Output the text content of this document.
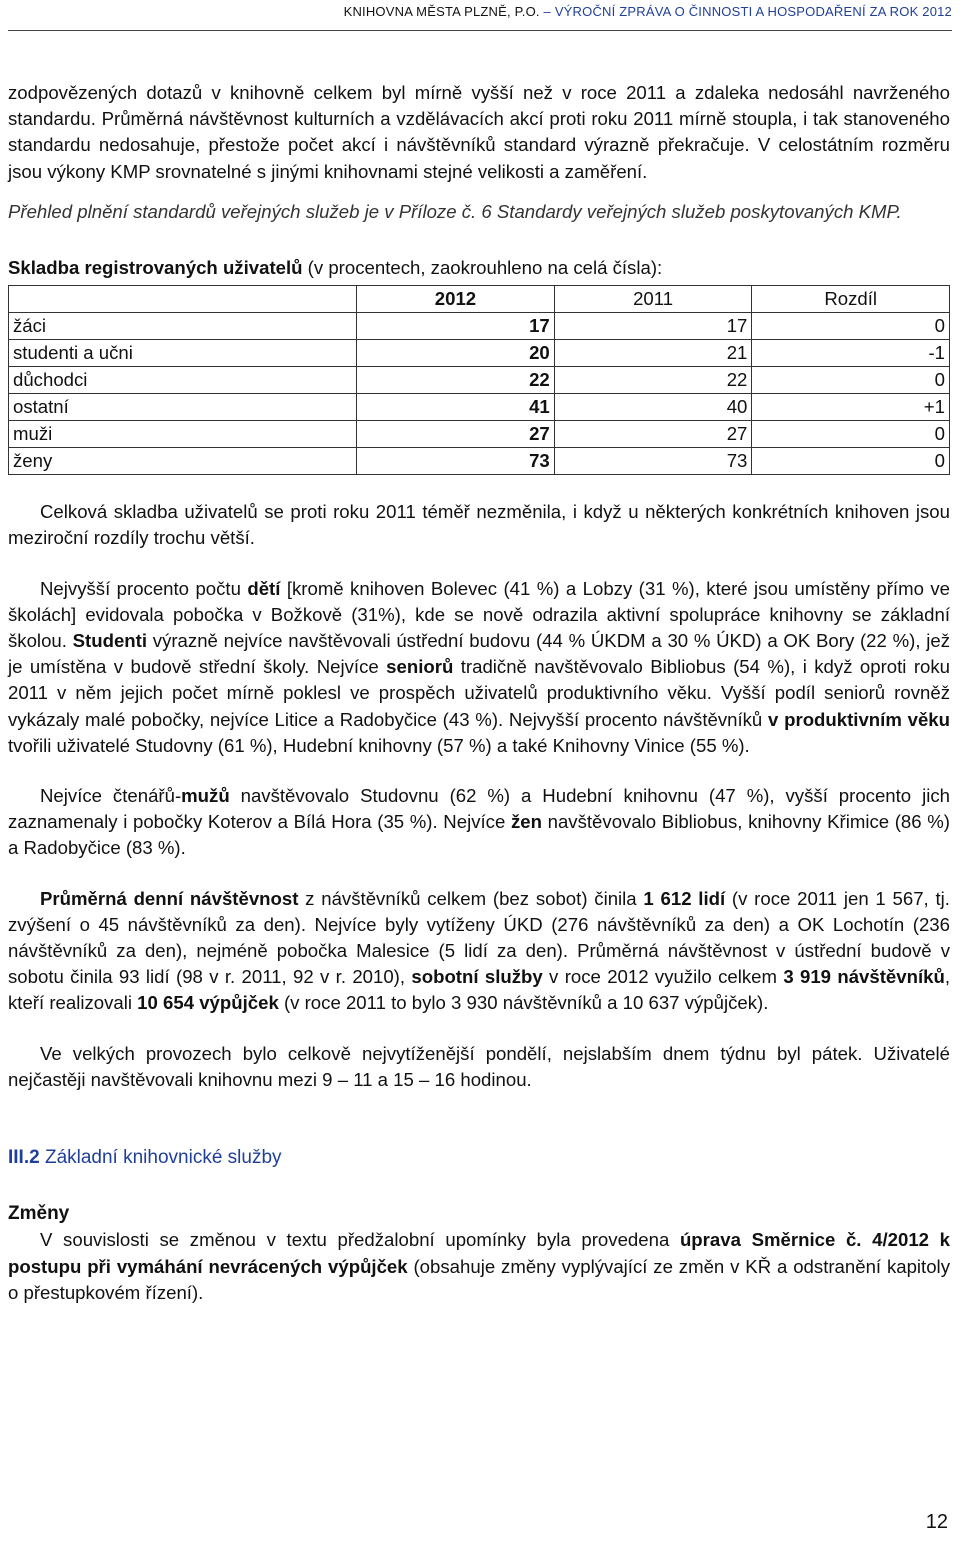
KNIHOVNA MĚSTA PLZNĚ, P.O. – VÝROČNÍ ZPRÁVA O ČINNOSTI A HOSPODAŘENÍ ZA ROK 2012

zodpovězených dotazů v knihovně celkem byl mírně vyšší než v roce 2011 a zdaleka nedosáhl navrženého standardu. Průměrná návštěvnost kulturních a vzdělávacích akcí proti roku 2011 mírně stoupla, i tak stanoveného standardu nedosahuje, přestože počet akcí i návštěvníků standard výrazně překračuje. V celostátním rozměru jsou výkony KMP srovnatelné s jinými knihovnami stejné velikosti a zaměření.

Přehled plnění standardů veřejných služeb je v Příloze č. 6 Standardy veřejných služeb poskytovaných KMP.

Skladba registrovaných uživatelů (v procentech, zaokrouhleno na celá čísla):

	2012	2011	Rozdíl
žáci	17	17	0
studenti a učni	20	21	-1
důchodci	22	22	0
ostatní	41	40	+1
muži	27	27	0
ženy	73	73	0

Celková skladba uživatelů se proti roku 2011 téměř nezměnila, i když u některých konkrétních knihoven jsou meziroční rozdíly trochu větší.

Nejvyšší procento počtu dětí [kromě knihoven Bolevec (41 %) a Lobzy (31 %), které jsou umístěny přímo ve školách] evidovala pobočka v Božkově (31%), kde se nově odrazila aktivní spolupráce knihovny se základní školou. Studenti výrazně nejvíce navštěvovali ústřední budovu (44 % ÚKDM a 30 % ÚKD) a OK Bory (22 %), jež je umístěna v budově střední školy. Nejvíce seniorů tradičně navštěvovalo Bibliobus (54 %), i když oproti roku 2011 v něm jejich počet mírně poklesl ve prospěch uživatelů produktivního věku. Vyšší podíl seniorů rovněž vykázaly malé pobočky, nejvíce Litice a Radobyčice (43 %). Nejvyšší procento návštěvníků v produktivním věku tvořili uživatelé Studovny (61 %), Hudební knihovny (57 %) a také Knihovny Vinice (55 %).

Nejvíce čtenářů-mužů navštěvovalo Studovnu (62 %) a Hudební knihovnu (47 %), vyšší procento jich zaznamenaly i pobočky Koterov a Bílá Hora (35 %). Nejvíce žen navštěvovalo Bibliobus, knihovny Křimice (86 %) a Radobyčice (83 %).

Průměrná denní návštěvnost z návštěvníků celkem (bez sobot) činila 1 612 lidí (v roce 2011 jen 1 567, tj. zvýšení o 45 návštěvníků za den). Nejvíce byly vytíženy ÚKD (276 návštěvníků za den) a OK Lochotín (236 návštěvníků za den), nejméně pobočka Malesice (5 lidí za den). Průměrná návštěvnost v ústřední budově v sobotu činila 93 lidí (98 v r. 2011, 92 v r. 2010), sobotní služby v roce 2012 využilo celkem 3 919 návštěvníků, kteří realizovali 10 654 výpůjček (v roce 2011 to bylo 3 930 návštěvníků a 10 637 výpůjček).

Ve velkých provozech bylo celkově nejvytíženější pondělí, nejslabším dnem týdnu byl pátek. Uživatelé nejčastěji navštěvovali knihovnu mezi 9 – 11 a 15 – 16 hodinou.

III.2 Základní knihovnické služby

Změny

V souvislosti se změnou v textu předžalobní upomínky byla provedena úprava Směrnice č. 4/2012 k postupu při vymáhání nevrácených výpůjček (obsahuje změny vyplývající ze změn v KŘ a odstranění kapitoly o přestupkovém řízení).

12
